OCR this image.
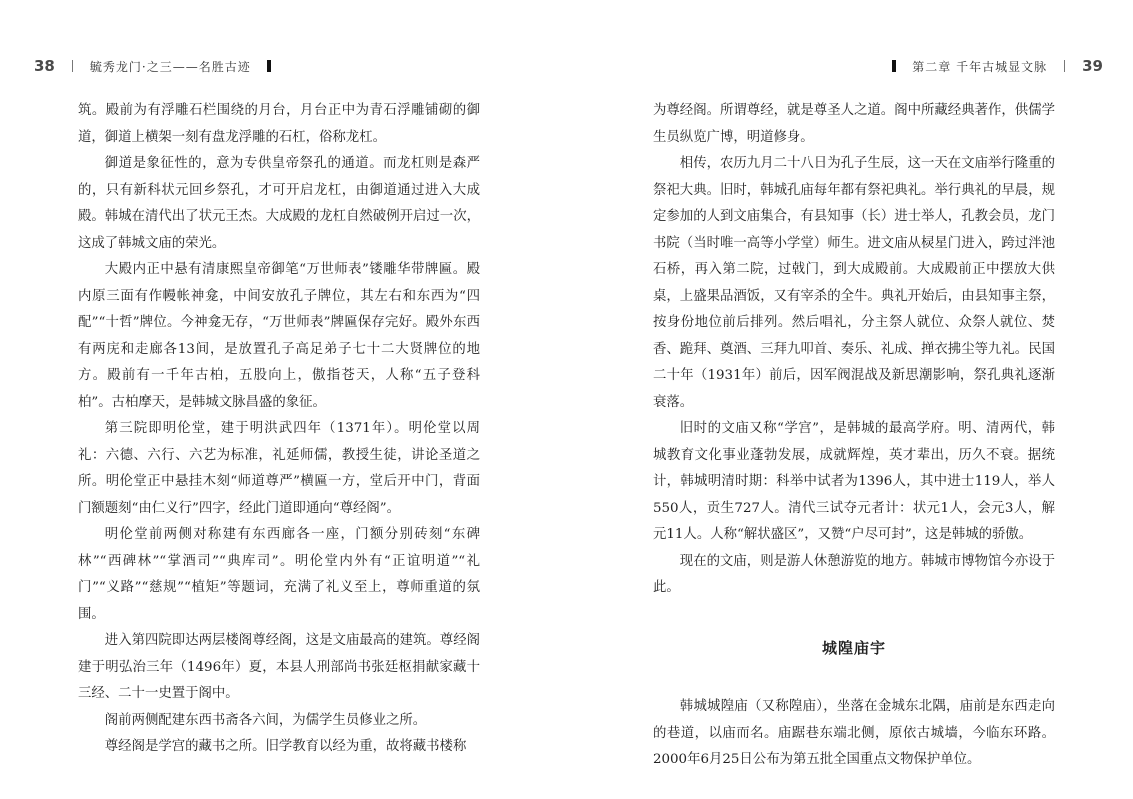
38	毓秀龙门·之三——名胜古迹	第二章 千年古城显文脉 39

筑。殿前为有浮雕石栏围绕的月台，月台正中为青石浮雕铺砌的御道，御道上横架一刻有盘龙浮雕的石杠，俗称龙杠。

御道是象征性的，意为专供皇帝祭孔的通道。而龙杠则是森严的，只有新科状元回乡祭孔，才可开启龙杠，由御道通过进入大成殿。韩城在清代出了状元王杰。大成殿的龙杠自然破例开启过一次，这成了韩城文庙的荣光。

大殿内正中悬有清康熙皇帝御笔“万世师表”镂雕华带牌匾。殿内原三面有作幔帐神龛，中间安放孔子牌位，其左右和东西为“四配”“十哲”牌位。今神龛无存，“万世师表”牌匾保存完好。殿外东西有两庑和走廊各13间，是放置孔子高足弟子七十二大贤牌位的地方。殿前有一千年古柏，五股向上，傲指苍天，人称“五子登科柏”。古柏摩天，是韩城文脉昌盛的象征。

第三院即明伦堂，建于明洪武四年（1371年）。明伦堂以周礼：六德、六行、六艺为标准，礼延师儒，教授生徒，讲论圣道之所。明伦堂正中悬挂木刻“师道尊严”横匾一方，堂后开中门，背面门额题刻“由仁义行”四字，经此门道即通向“尊经阁”。

明伦堂前两侧对称建有东西廊各一座，门额分别砖刻“东碑林”“西碑林”“掌酒司”“典库司”。明伦堂内外有“正谊明道”“礼门”“义路”“慈规”“植矩”等题词，充满了礼义至上，尊师重道的氛围。

进入第四院即达两层楼阁尊经阁，这是文庙最高的建筑。尊经阁建于明弘治三年（1496年）夏，本县人刑部尚书张廷枢捐献家藏十三经、二十一史置于阁中。

阁前两侧配建东西书斋各六间，为儒学生员修业之所。

尊经阁是学宫的藏书之所。旧学教育以经为重，故将藏书楼称

为尊经阁。所谓尊经，就是尊圣人之道。阁中所藏经典著作，供儒学生员纵览广博，明道修身。

相传，农历九月二十八日为孔子生辰，这一天在文庙举行隆重的祭祀大典。旧时，韩城孔庙每年都有祭祀典礼。举行典礼的早晨，规定参加的人到文庙集合，有县知事（长）进士举人，孔教会员，龙门书院（当时唯一高等小学堂）师生。进文庙从棂星门进入，跨过泮池石桥，再入第二院，过戟门，到大成殿前。大成殿前正中摆放大供桌，上盛果品酒饭，又有宰杀的全牛。典礼开始后，由县知事主祭，按身份地位前后排列。然后唱礼，分主祭人就位、众祭人就位、焚香、跪拜、奠酒、三拜九叩首、奏乐、礼成、掸衣拂尘等九礼。民国二十年（1931年）前后，因军阀混战及新思潮影响，祭孔典礼逐渐衰落。

旧时的文庙又称“学宫”，是韩城的最高学府。明、清两代，韩城教育文化事业蓬勃发展，成就辉煌，英才辈出，历久不衰。据统计，韩城明清时期：科举中试者为1396人，其中进士119人，举人550人，贡生727人。清代三试夺元者计：状元1人，会元3人，解元11人。人称“解状盛区”，又赞“户尽可封”，这是韩城的骄傲。

现在的文庙，则是游人休憩游览的地方。韩城市博物馆今亦设于此。

城隍庙宇

韩城城隍庙（又称隍庙），坐落在金城东北隅，庙前是东西走向的巷道，以庙而名。庙踞巷东端北侧，原依古城墙，今临东环路。2000年6月25日公布为第五批全国重点文物保护单位。
